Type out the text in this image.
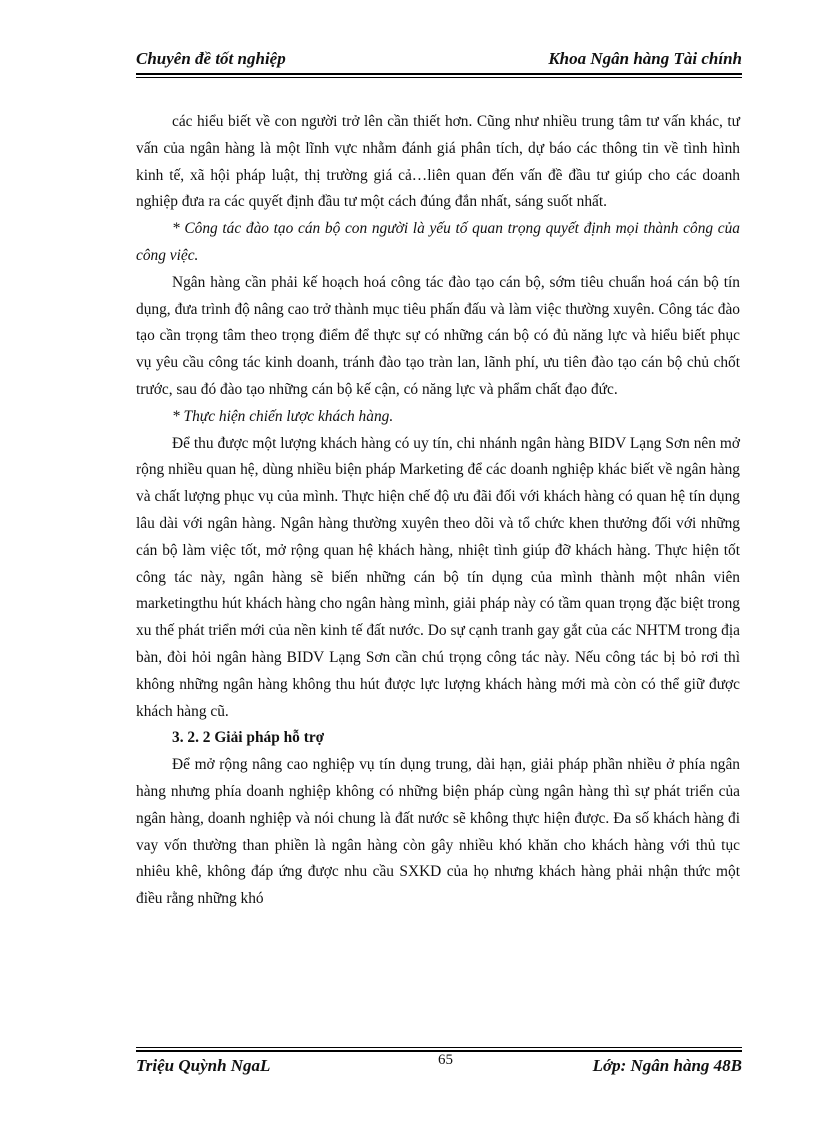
Chuyên đề tốt nghiệp	Khoa Ngân hàng Tài chính

các hiểu biết về con người trở lên cần thiết hơn. Cũng như nhiều trung tâm tư vấn khác, tư vấn của ngân hàng là một lĩnh vực nhằm đánh giá phân tích, dự báo các thông tin về tình hình kinh tế, xã hội pháp luật, thị trường giá cả…liên quan đến vấn đề đầu tư giúp cho các doanh nghiệp đưa ra các quyết định đầu tư một cách đúng đắn nhất, sáng suốt nhất.

* Công tác đào tạo cán bộ con người là yếu tố quan trọng quyết định mọi thành công của công việc.

Ngân hàng cần phải kế hoạch hoá công tác đào tạo cán bộ, sớm tiêu chuẩn hoá cán bộ tín dụng, đưa trình độ nâng cao trở thành mục tiêu phấn đấu và làm việc thường xuyên. Công tác đào tạo cần trọng tâm theo trọng điểm để thực sự có những cán bộ có đủ năng lực và hiểu biết phục vụ yêu cầu công tác kinh doanh, tránh đào tạo tràn lan, lãnh phí, ưu tiên đào tạo cán bộ chủ chốt trước, sau đó đào tạo những cán bộ kế cận, có năng lực và phẩm chất đạo đức.

* Thực hiện chiến lược khách hàng.

Để thu được một lượng khách hàng có uy tín, chi nhánh ngân hàng BIDV Lạng Sơn nên mở rộng nhiều quan hệ, dùng nhiều biện pháp Marketing để các doanh nghiệp khác biết về ngân hàng và chất lượng phục vụ của mình. Thực hiện chế độ ưu đãi đối với khách hàng có quan hệ tín dụng lâu dài với ngân hàng. Ngân hàng thường xuyên theo dõi và tổ chức khen thưởng đối với những cán bộ làm việc tốt, mở rộng quan hệ khách hàng, nhiệt tình giúp đỡ khách hàng. Thực hiện tốt công tác này, ngân hàng sẽ biến những cán bộ tín dụng của mình thành một nhân viên marketingthu hút khách hàng cho ngân hàng mình, giải pháp này có tầm quan trọng đặc biệt trong xu thế phát triển mới của nền kinh tế đất nước. Do sự cạnh tranh gay gắt của các NHTM trong địa bàn, đòi hỏi ngân hàng BIDV Lạng Sơn cần chú trọng công tác này. Nếu công tác bị bỏ rơi thì không những ngân hàng không thu hút được lực lượng khách hàng mới mà còn có thể giữ được khách hàng cũ.

3. 2. 2 Giải pháp hỗ trợ

Để mở rộng nâng cao nghiệp vụ tín dụng trung, dài hạn, giải pháp phần nhiều ở phía ngân hàng nhưng phía doanh nghiệp không có những biện pháp cùng ngân hàng thì sự phát triển của ngân hàng, doanh nghiệp và nói chung là đất nước sẽ không thực hiện được. Đa số khách hàng đi vay vốn thường than phiền là ngân hàng còn gây nhiều khó khăn cho khách hàng với thủ tục nhiêu khê, không đáp ứng được nhu cầu SXKD của họ nhưng khách hàng phải nhận thức một điều rằng những khó

Triệu Quỳnh NgaL	65	Lớp: Ngân hàng 48B
